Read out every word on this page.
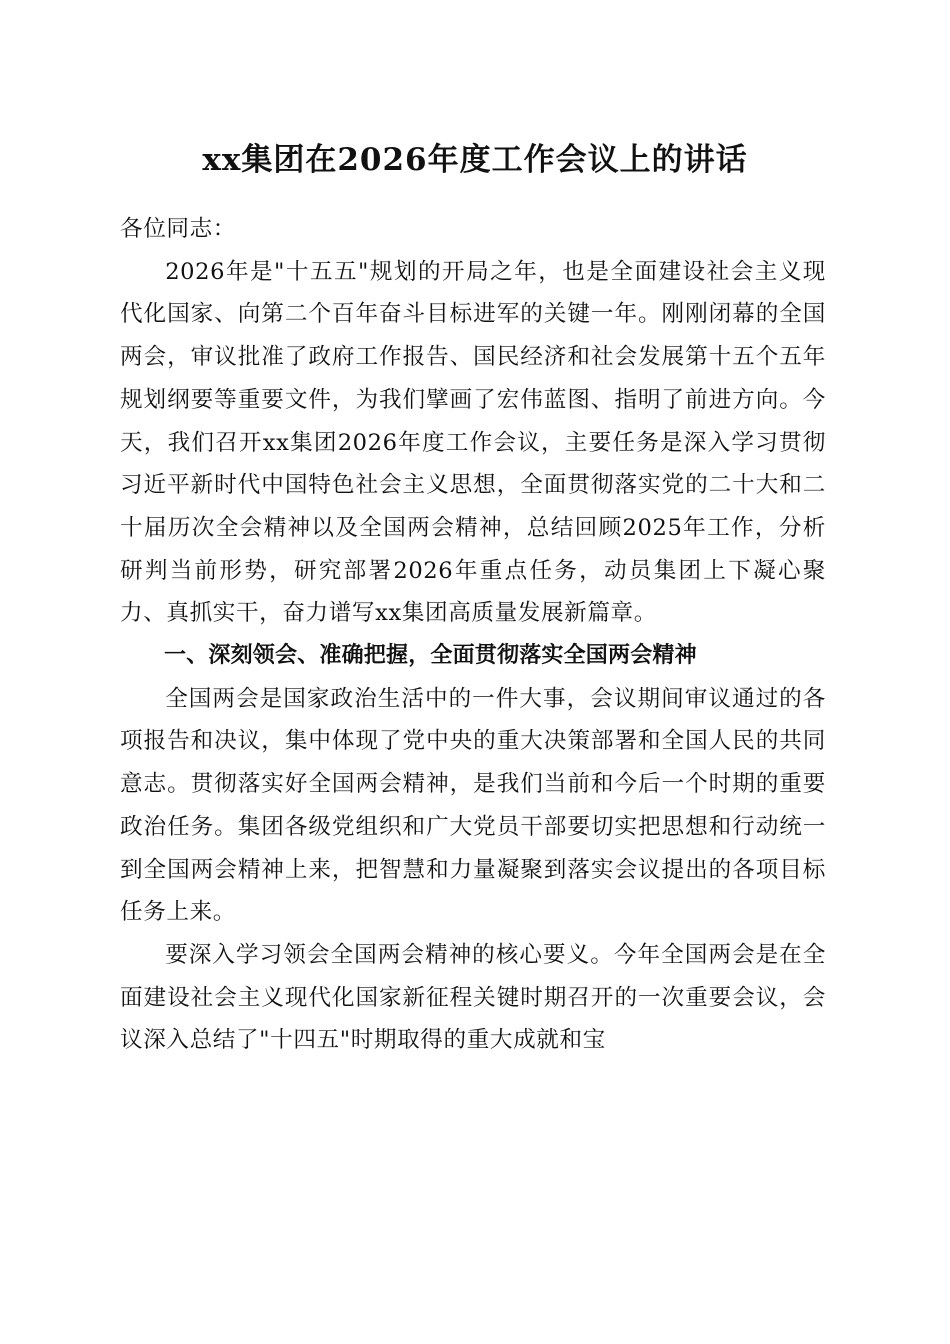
xx集团在2026年度工作会议上的讲话

各位同志：

2026年是"十五五"规划的开局之年，也是全面建设社会主义现代化国家、向第二个百年奋斗目标进军的关键一年。刚刚闭幕的全国两会，审议批准了政府工作报告、国民经济和社会发展第十五个五年规划纲要等重要文件，为我们擘画了宏伟蓝图、指明了前进方向。今天，我们召开xx集团2026年度工作会议，主要任务是深入学习贯彻习近平新时代中国特色社会主义思想，全面贯彻落实党的二十大和二十届历次全会精神以及全国两会精神，总结回顾2025年工作，分析研判当前形势，研究部署2026年重点任务，动员集团上下凝心聚力、真抓实干，奋力谱写xx集团高质量发展新篇章。

一、深刻领会、准确把握，全面贯彻落实全国两会精神

全国两会是国家政治生活中的一件大事，会议期间审议通过的各项报告和决议，集中体现了党中央的重大决策部署和全国人民的共同意志。贯彻落实好全国两会精神，是我们当前和今后一个时期的重要政治任务。集团各级党组织和广大党员干部要切实把思想和行动统一到全国两会精神上来，把智慧和力量凝聚到落实会议提出的各项目标任务上来。

要深入学习领会全国两会精神的核心要义。今年全国两会是在全面建设社会主义现代化国家新征程关键时期召开的一次重要会议，会议深入总结了"十四五"时期取得的重大成就和宝
